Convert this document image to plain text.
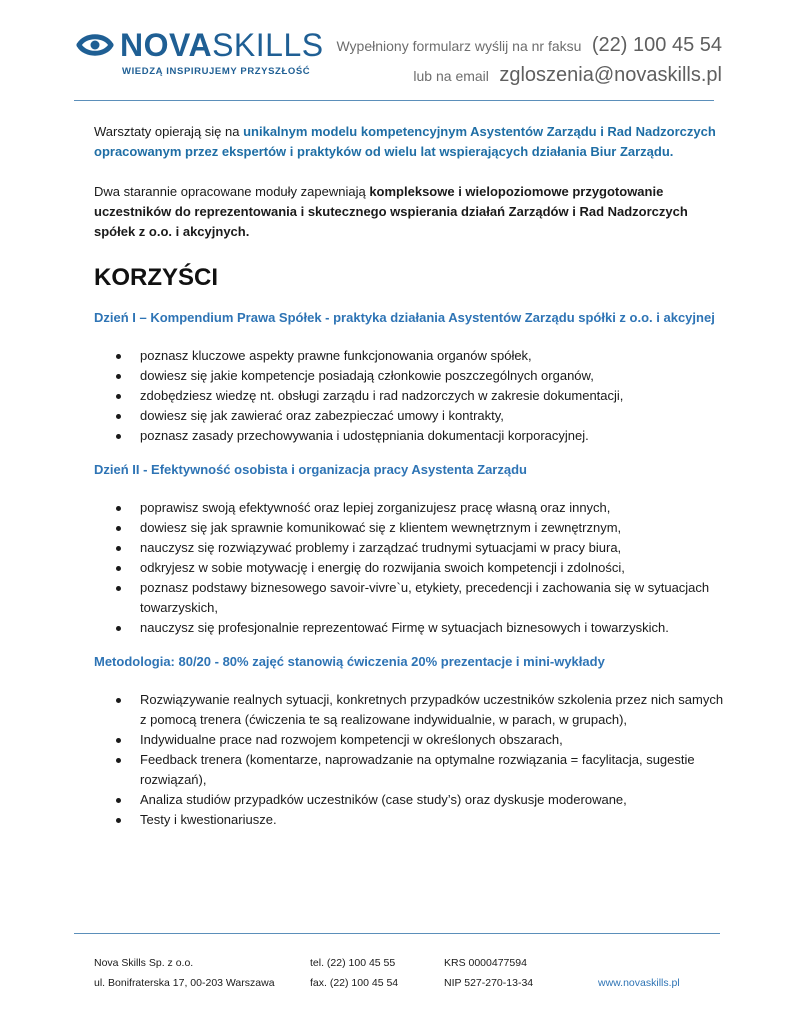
NOVASKILLS
WIEDZĄ INSPIRUJEMY PRZYSZŁOŚĆ
Wypełniony formularz wyślij na nr faksu (22) 100 45 54
lub na email zgloszenia@novaskills.pl

Warsztaty opierają się na unikalnym modelu kompetencyjnym Asystentów Zarządu i Rad Nadzorczych opracowanym przez ekspertów i praktyków od wielu lat wspierających działania Biur Zarządu.

Dwa starannie opracowane moduły zapewniają kompleksowe i wielopoziomowe przygotowanie uczestników do reprezentowania i skutecznego wspierania działań Zarządów i Rad Nadzorczych spółek z o.o. i akcyjnych.

KORZYŚCI
Dzień I – Kompendium Prawa Spółek - praktyka działania Asystentów Zarządu spółki z o.o. i akcyjnej
poznasz kluczowe aspekty prawne funkcjonowania organów spółek,
dowiesz się jakie kompetencje posiadają członkowie poszczególnych organów,
zdobędziesz wiedzę nt. obsługi zarządu i rad nadzorczych w zakresie dokumentacji,
dowiesz się jak zawierać oraz zabezpieczać umowy i kontrakty,
poznasz zasady przechowywania i udostępniania dokumentacji korporacyjnej.
Dzień II - Efektywność osobista i organizacja pracy Asystenta Zarządu
poprawisz swoją efektywność oraz lepiej zorganizujesz pracę własną oraz innych,
dowiesz się jak sprawnie komunikować się z klientem wewnętrznym i zewnętrznym,
nauczysz się rozwiązywać problemy i zarządzać trudnymi sytuacjami w pracy biura,
odkryjesz w sobie motywację i energię do rozwijania swoich kompetencji i zdolności,
poznasz podstawy biznesowego savoir-vivre`u, etykiety, precedencji i zachowania się w sytuacjach towarzyskich,
nauczysz się profesjonalnie reprezentować Firmę w sytuacjach biznesowych i towarzyskich.
Metodologia: 80/20 - 80% zajęć stanowią ćwiczenia 20% prezentacje i mini-wykłady
Rozwiązywanie realnych sytuacji, konkretnych przypadków uczestników szkolenia przez nich samych z pomocą trenera (ćwiczenia te są realizowane indywidualnie, w parach, w grupach),
Indywidualne prace nad rozwojem kompetencji w określonych obszarach,
Feedback trenera (komentarze, naprowadzanie na optymalne rozwiązania = facylitacja, sugestie rozwiązań),
Analiza studiów przypadków uczestników (case study’s) oraz dyskusje moderowane,
Testy i kwestionariusze.
Nova Skills Sp. z o.o.
ul. Bonifraterska 17, 00-203 Warszawa
tel. (22) 100 45 55
fax. (22) 100 45 54
KRS 0000477594
NIP 527-270-13-34	www.novaskills.pl
